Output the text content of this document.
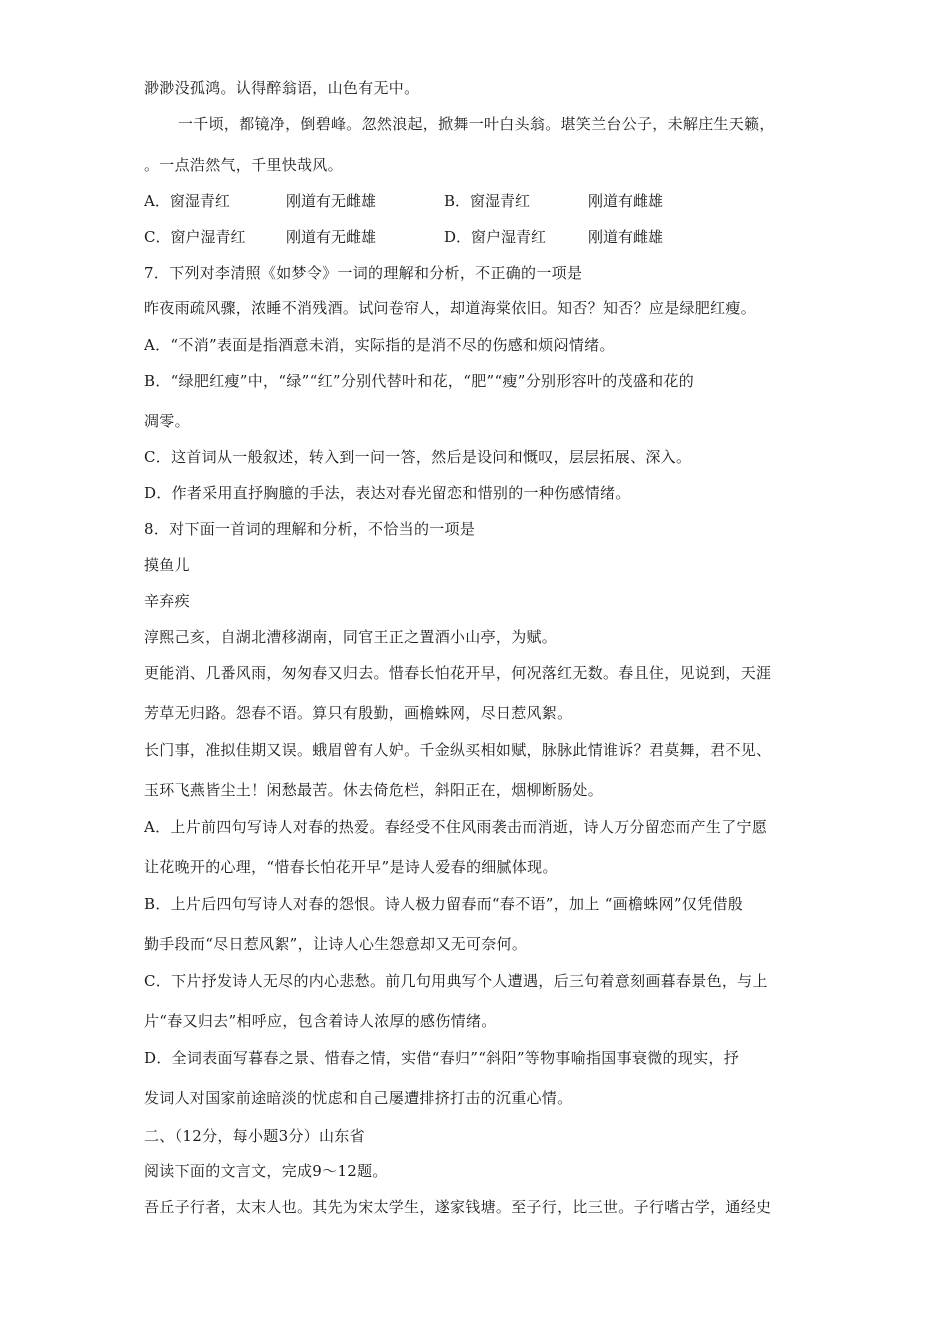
渺渺没孤鸿。认得醉翁语，山色有无中。
一千顷，都镜净，倒碧峰。忽然浪起，掀舞一叶白头翁。堪笑兰台公子，未解庄生天籁，
。一点浩然气，千里快哉风。
A．窗湿青红	刚道有无雌雄	B．窗湿青红	刚道有雌雄
C．窗户湿青红	刚道有无雌雄	D．窗户湿青红	刚道有雌雄
7．下列对李清照《如梦令》一词的理解和分析，不正确的一项是
昨夜雨疏风骤，浓睡不消残酒。试问卷帘人，却道海棠依旧。知否？知否？应是绿肥红瘦。
A．“不消”表面是指酒意未消，实际指的是消不尽的伤感和烦闷情绪。
B．“绿肥红瘦”中，“绿”“红”分别代替叶和花，“肥”“瘦”分别形容叶的茂盛和花的
凋零。
C．这首词从一般叙述，转入到一问一答，然后是设问和慨叹，层层拓展、深入。
D．作者采用直抒胸臆的手法，表达对春光留恋和惜别的一种伤感情绪。
8．对下面一首词的理解和分析，不恰当的一项是
摸鱼儿
辛弃疾
淳熙己亥，自湖北漕移湖南，同官王正之置酒小山亭，为赋。
更能消、几番风雨，匆匆春又归去。惜春长怕花开早，何况落红无数。春且住，见说到，天涯
芳草无归路。怨春不语。算只有殷勤，画檐蛛网，尽日惹风絮。
长门事，准拟佳期又误。蛾眉曾有人妒。千金纵买相如赋，脉脉此情谁诉？君莫舞，君不见、
玉环飞燕皆尘土！闲愁最苦。休去倚危栏，斜阳正在，烟柳断肠处。
A．上片前四句写诗人对春的热爱。春经受不住风雨袭击而消逝，诗人万分留恋而产生了宁愿
让花晚开的心理，“惜春长怕花开早”是诗人爱春的细腻体现。
B．上片后四句写诗人对春的怨恨。诗人极力留春而“春不语”，加上 “画檐蛛网”仅凭借殷
勤手段而“尽日惹风絮”，让诗人心生怨意却又无可奈何。
C．下片抒发诗人无尽的内心悲愁。前几句用典写个人遭遇，后三句着意刻画暮春景色，与上
片“春又归去”相呼应，包含着诗人浓厚的感伤情绪。
D．全词表面写暮春之景、惜春之情，实借“春归”“斜阳”等物事喻指国事衰微的现实，抒
发词人对国家前途暗淡的忧虑和自己屡遭排挤打击的沉重心情。
二、（12分，每小题3分）山东省
阅读下面的文言文，完成9～12题。
吾丘子行者，太末人也。其先为宋太学生，遂家钱塘。至子行，比三世。子行嗜古学，通经史
